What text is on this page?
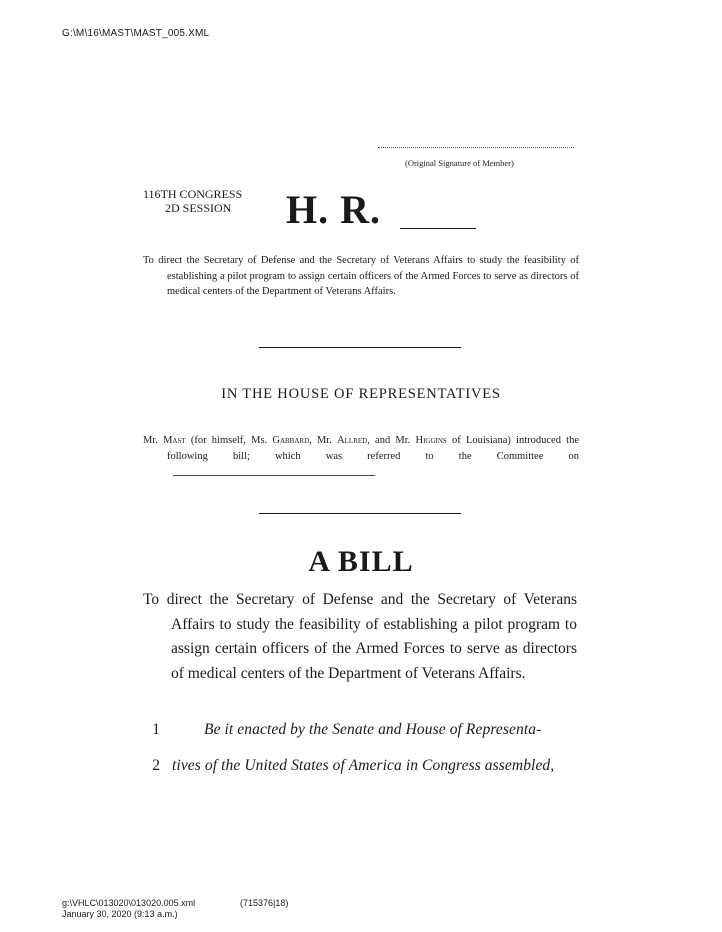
G:\M\16\MAST\MAST_005.XML
(Original Signature of Member)
116TH CONGRESS
2D SESSION H. R.
To direct the Secretary of Defense and the Secretary of Veterans Affairs to study the feasibility of establishing a pilot program to assign certain officers of the Armed Forces to serve as directors of medical centers of the Department of Veterans Affairs.
IN THE HOUSE OF REPRESENTATIVES
Mr. Mast (for himself, Ms. Gabbard, Mr. Allred, and Mr. Higgins of Louisiana) introduced the following bill; which was referred to the Committee on
A BILL
To direct the Secretary of Defense and the Secretary of Veterans Affairs to study the feasibility of establishing a pilot program to assign certain officers of the Armed Forces to serve as directors of medical centers of the Department of Veterans Affairs.
1	Be it enacted by the Senate and House of Representa-
2 tives of the United States of America in Congress assembled,
g:\VHLC\013020\013020.005.xml
January 30, 2020 (9:13 a.m.)
(715376|18)
